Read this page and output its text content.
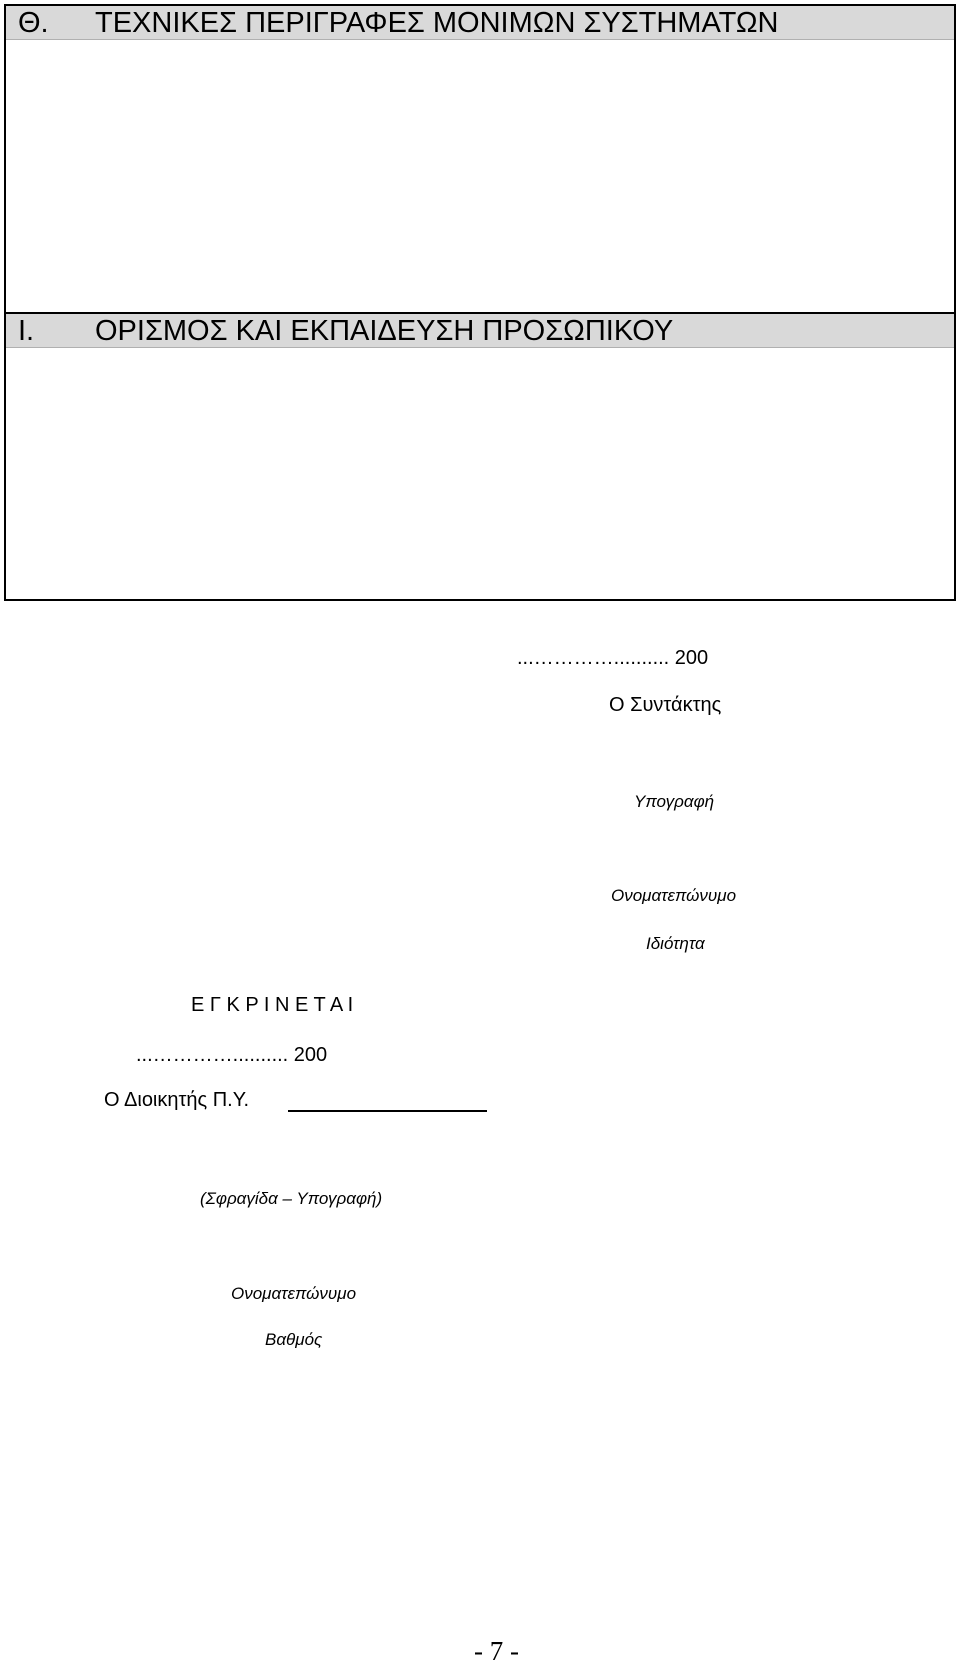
Θ. ΤΕΧΝΙΚΕΣ ΠΕΡΙΓΡΑΦΕΣ ΜΟΝΙΜΩΝ ΣΥΣΤΗΜΑΤΩΝ
Ι. ΟΡΙΣΜΟΣ ΚΑΙ ΕΚΠΑΙΔΕΥΣΗ ΠΡΟΣΩΠΙΚΟΥ
...………….......... 200
Ο Συντάκτης
Υπογραφή
Ονοματεπώνυμο
Ιδιότητα
Ε Γ Κ Ρ Ι Ν Ε Τ Α Ι
...………….......... 200
Ο Διοικητής Π.Υ.
(Σφραγίδα – Υπογραφή)
Ονοματεπώνυμο
Βαθμός
- 7 -
